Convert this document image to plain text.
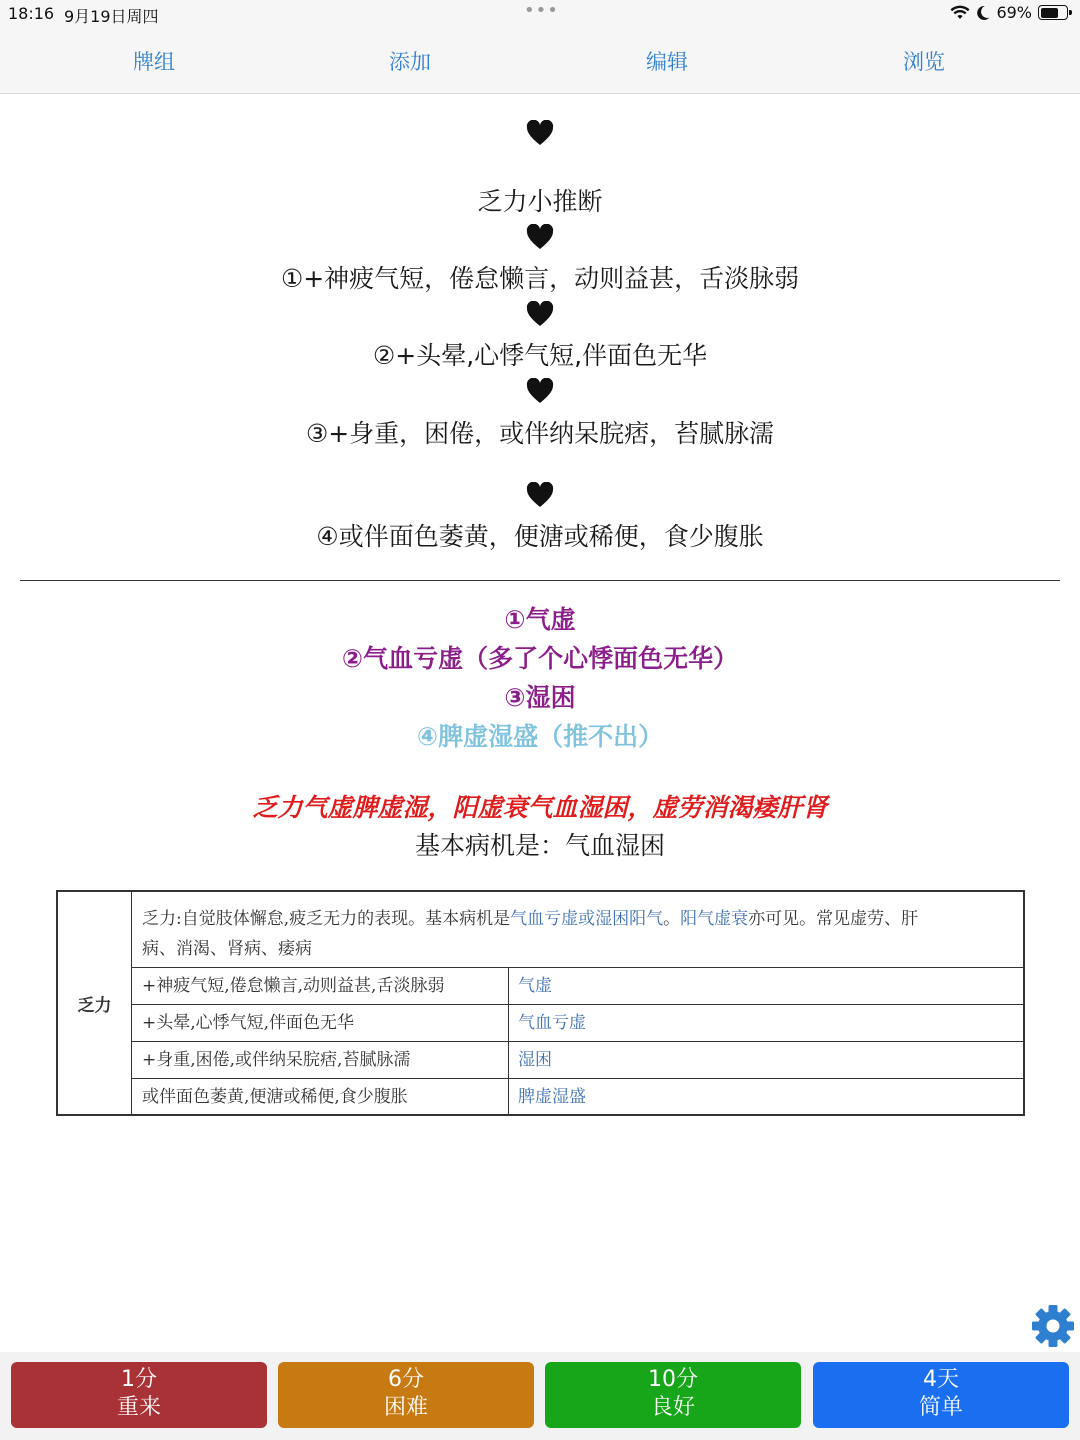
18:16 9月19日周四	•••	69%
牌组	添加	编辑	浏览
乏力小推断
①+神疲气短，倦怠懒言，动则益甚，舌淡脉弱
②+头晕,心悸气短,伴面色无华
③+身重，困倦，或伴纳呆脘痞，苔腻脉濡
④或伴面色萎黄，便溏或稀便，食少腹胀
①气虚
②气血亏虚（多了个心悸面色无华）
③湿困
④脾虚湿盛（推不出）
乏力气虚脾虚湿，阳虚衰气血湿困，虚劳消渴痿肝肾
基本病机是：气血湿困
乏力
乏力:自觉肢体懈怠,疲乏无力的表现。基本病机是气血亏虚或湿困阳气。阳气虚衰亦可见。常见虚劳、肝
病、消渴、肾病、痿病
+神疲气短,倦怠懒言,动则益甚,舌淡脉弱	气虚
+头晕,心悸气短,伴面色无华	气血亏虚
+身重,困倦,或伴纳呆脘痞,苔腻脉濡	湿困
或伴面色萎黄,便溏或稀便,食少腹胀	脾虚湿盛
1分
重来
6分
困难
10分
良好
4天
简单
